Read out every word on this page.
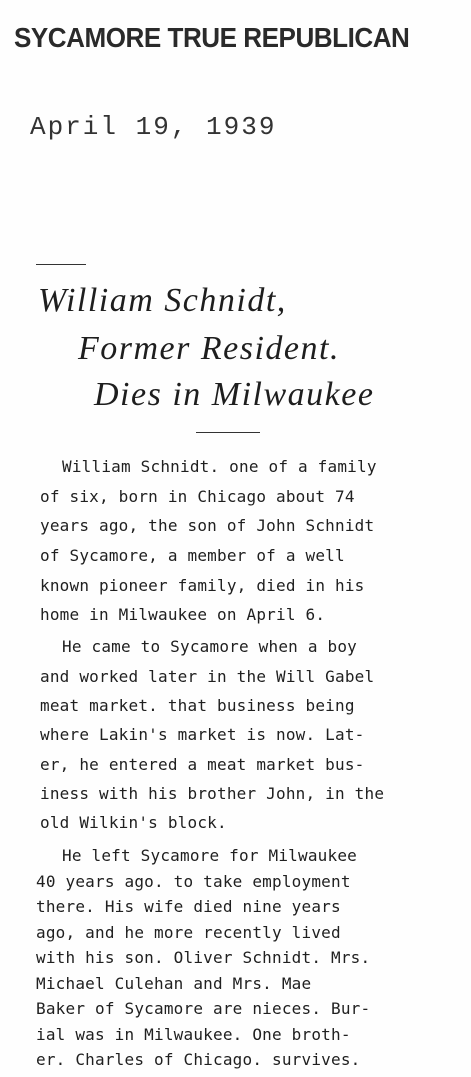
SYCAMORE TRUE REPUBLICAN
April 19, 1939
William Schnidt,
Former Resident.
Dies in Milwaukee
William Schnidt. one of a family
of six, born in Chicago about 74
years ago, the son of John Schnidt
of Sycamore, a member of a well
known pioneer family, died in his
home in Milwaukee on April 6.
He came to Sycamore when a boy
and worked later in the Will Gabel
meat market. that business being
where Lakin's market is now. Lat-
er, he entered a meat market bus-
iness with his brother John, in the
old Wilkin's block.
He left Sycamore for Milwaukee
40 years ago. to take employment
there. His wife died nine years
ago, and he more recently lived
with his son. Oliver Schnidt. Mrs.
Michael Culehan and Mrs. Mae
Baker of Sycamore are nieces. Bur-
ial was in Milwaukee. One broth-
er. Charles of Chicago. survives.
